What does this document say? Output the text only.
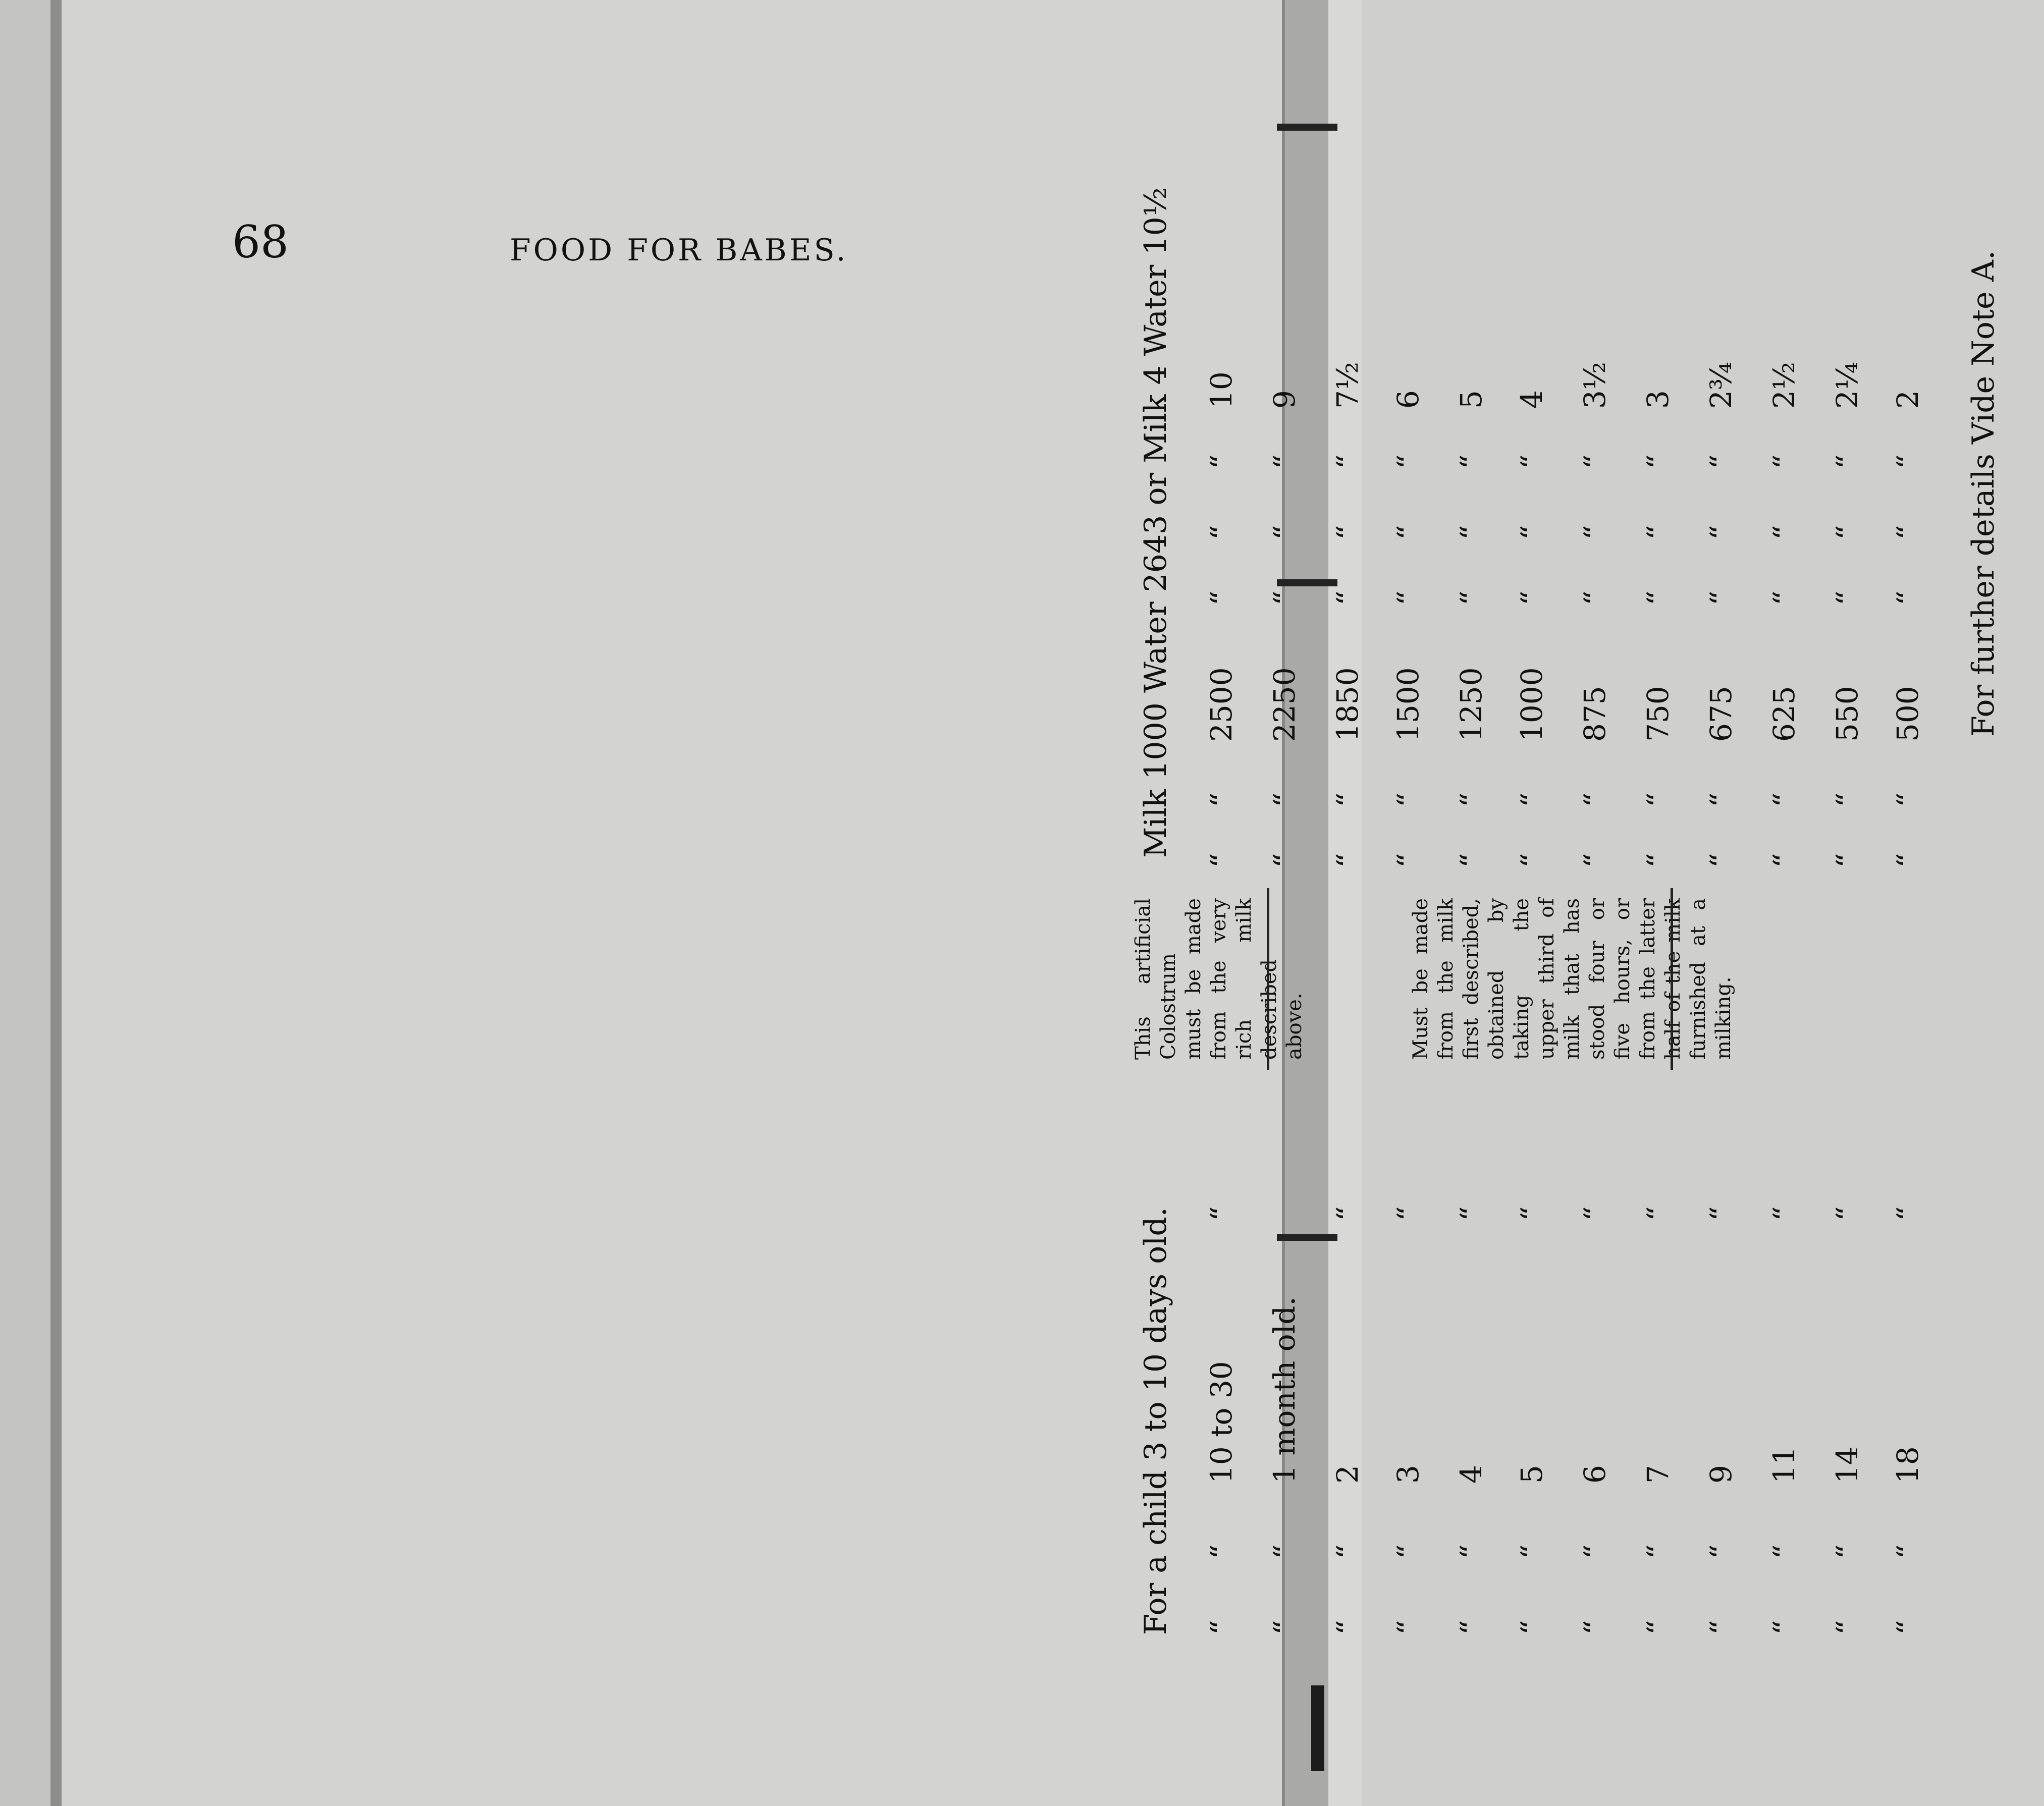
68	FOOD FOR BABES.
For a child 3 to 10 days old.
Milk 1000 Water 2643 or Milk 4 Water 10½
“
“
10 to 30
“
“
“
2500
“
“
“
10
This artificial Colostrum must be made from the very rich milk described above.	Must be made from the milk first described, obtained by taking the upper third of milk that has stood four or five hours, or from the latter half of the milk furnished at a milking.
For further details Vide Note A.
“
“
1 month old.
“
“
2250
“
“
“
9
“
“
2
“
“
1850
“
“
“
7½
“
“
“
3
“
“
1500
“
“
“
6
“
“
“
4
“
“
1250
“
“
“
5
“
“
“
5
“
“
1000
“
“
“
4
“
“
“
6
“
“
875
“
“
“
3½
“
“
“
7
“
“
750
“
“
“
3
“
“
“
9
“
“
675
“
“
“
2¾
“
“
“
11
“
“
625
“
“
“
2½
“
“
“
14
“
“
550
“
“
“
2¼
“
“
“
18
“
“
500
“
“
“
2
“
